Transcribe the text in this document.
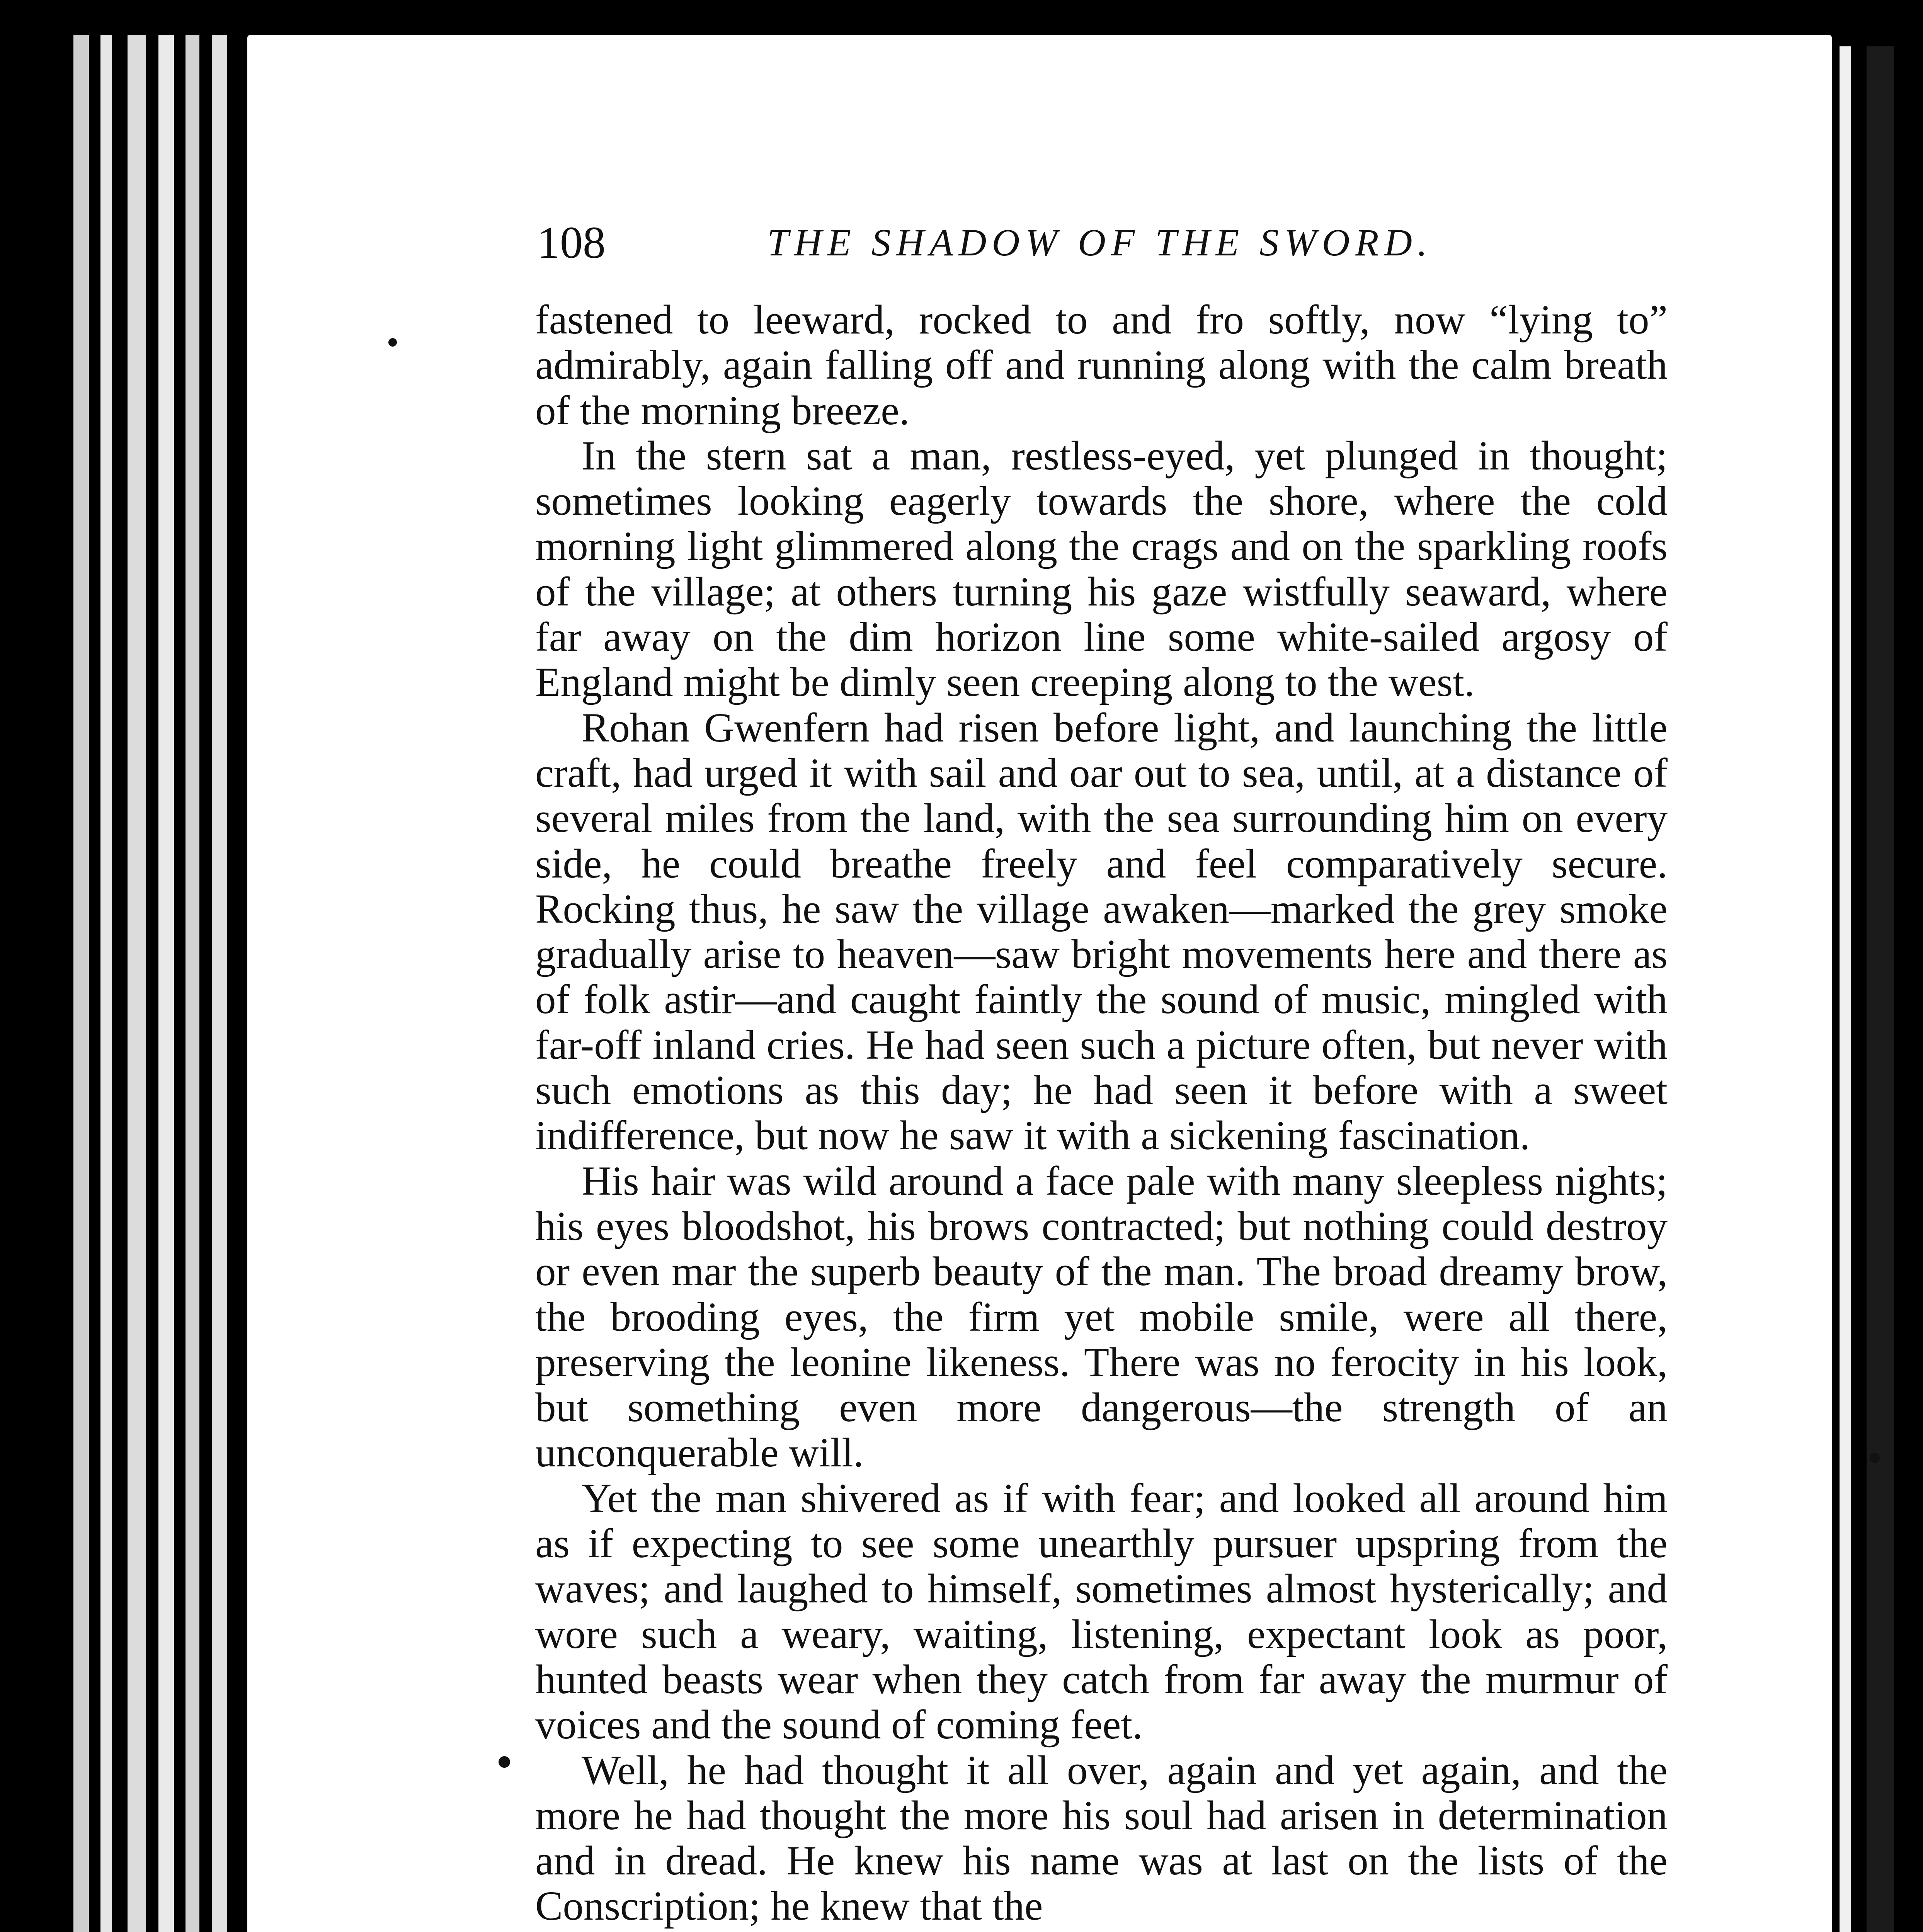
108	THE SHADOW OF THE SWORD.

fastened to leeward, rocked to and fro softly, now “lying to” admirably, again falling off and running along with the calm breath of the morning breeze.

In the stern sat a man, restless-eyed, yet plunged in thought; sometimes looking eagerly towards the shore, where the cold morning light glimmered along the crags and on the sparkling roofs of the village; at others turning his gaze wistfully seaward, where far away on the dim horizon line some white-sailed argosy of England might be dimly seen creeping along to the west.

Rohan Gwenfern had risen before light, and launching the little craft, had urged it with sail and oar out to sea, until, at a distance of several miles from the land, with the sea surrounding him on every side, he could breathe freely and feel comparatively secure. Rocking thus, he saw the village awaken—marked the grey smoke gradually arise to heaven—saw bright movements here and there as of folk astir—and caught faintly the sound of music, mingled with far-off inland cries. He had seen such a picture often, but never with such emotions as this day; he had seen it before with a sweet indifference, but now he saw it with a sickening fascination.

His hair was wild around a face pale with many sleepless nights; his eyes bloodshot, his brows contracted; but nothing could destroy or even mar the superb beauty of the man. The broad dreamy brow, the brooding eyes, the firm yet mobile smile, were all there, preserving the leonine likeness. There was no ferocity in his look, but something even more dangerous—the strength of an unconquerable will.

Yet the man shivered as if with fear; and looked all around him as if expecting to see some unearthly pursuer upspring from the waves; and laughed to himself, sometimes almost hysterically; and wore such a weary, waiting, listening, expectant look as poor, hunted beasts wear when they catch from far away the murmur of voices and the sound of coming feet.

Well, he had thought it all over, again and yet again, and the more he had thought the more his soul had arisen in determination and in dread. He knew his name was at last on the lists of the Conscription; he knew that the
